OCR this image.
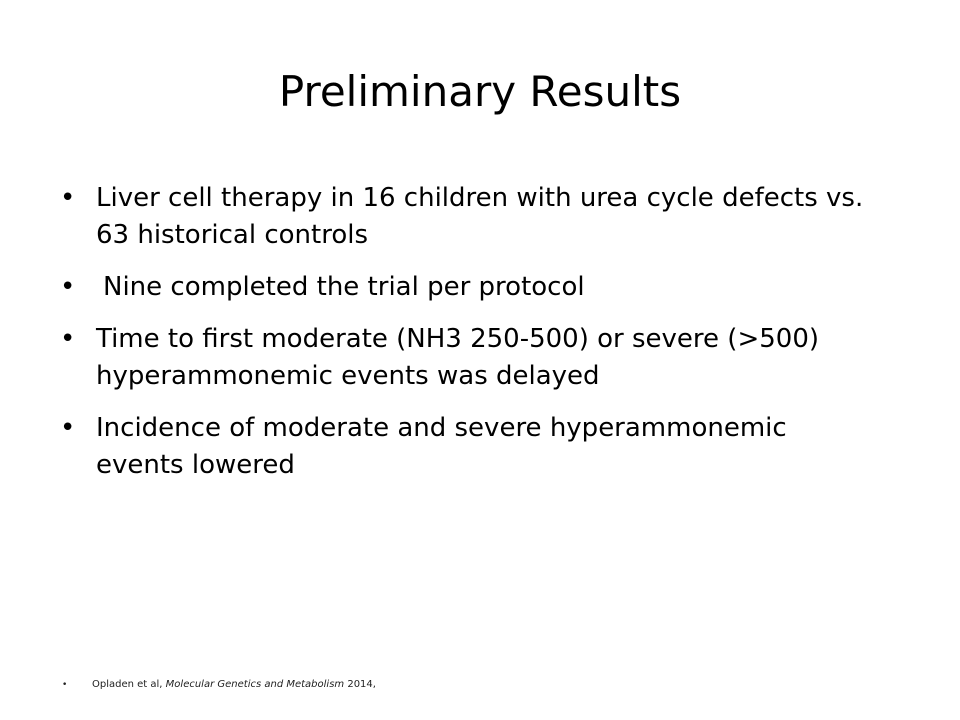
Preliminary Results
• Liver cell therapy in 16 children with urea cycle defects vs. 63 historical controls
• Nine completed the trial per protocol
• Time to first moderate (NH3 250-500) or severe (>500) hyperammonemic events was delayed
• Incidence of moderate and severe hyperammonemic events lowered
• Opladen et al, Molecular Genetics and Metabolism 2014,
